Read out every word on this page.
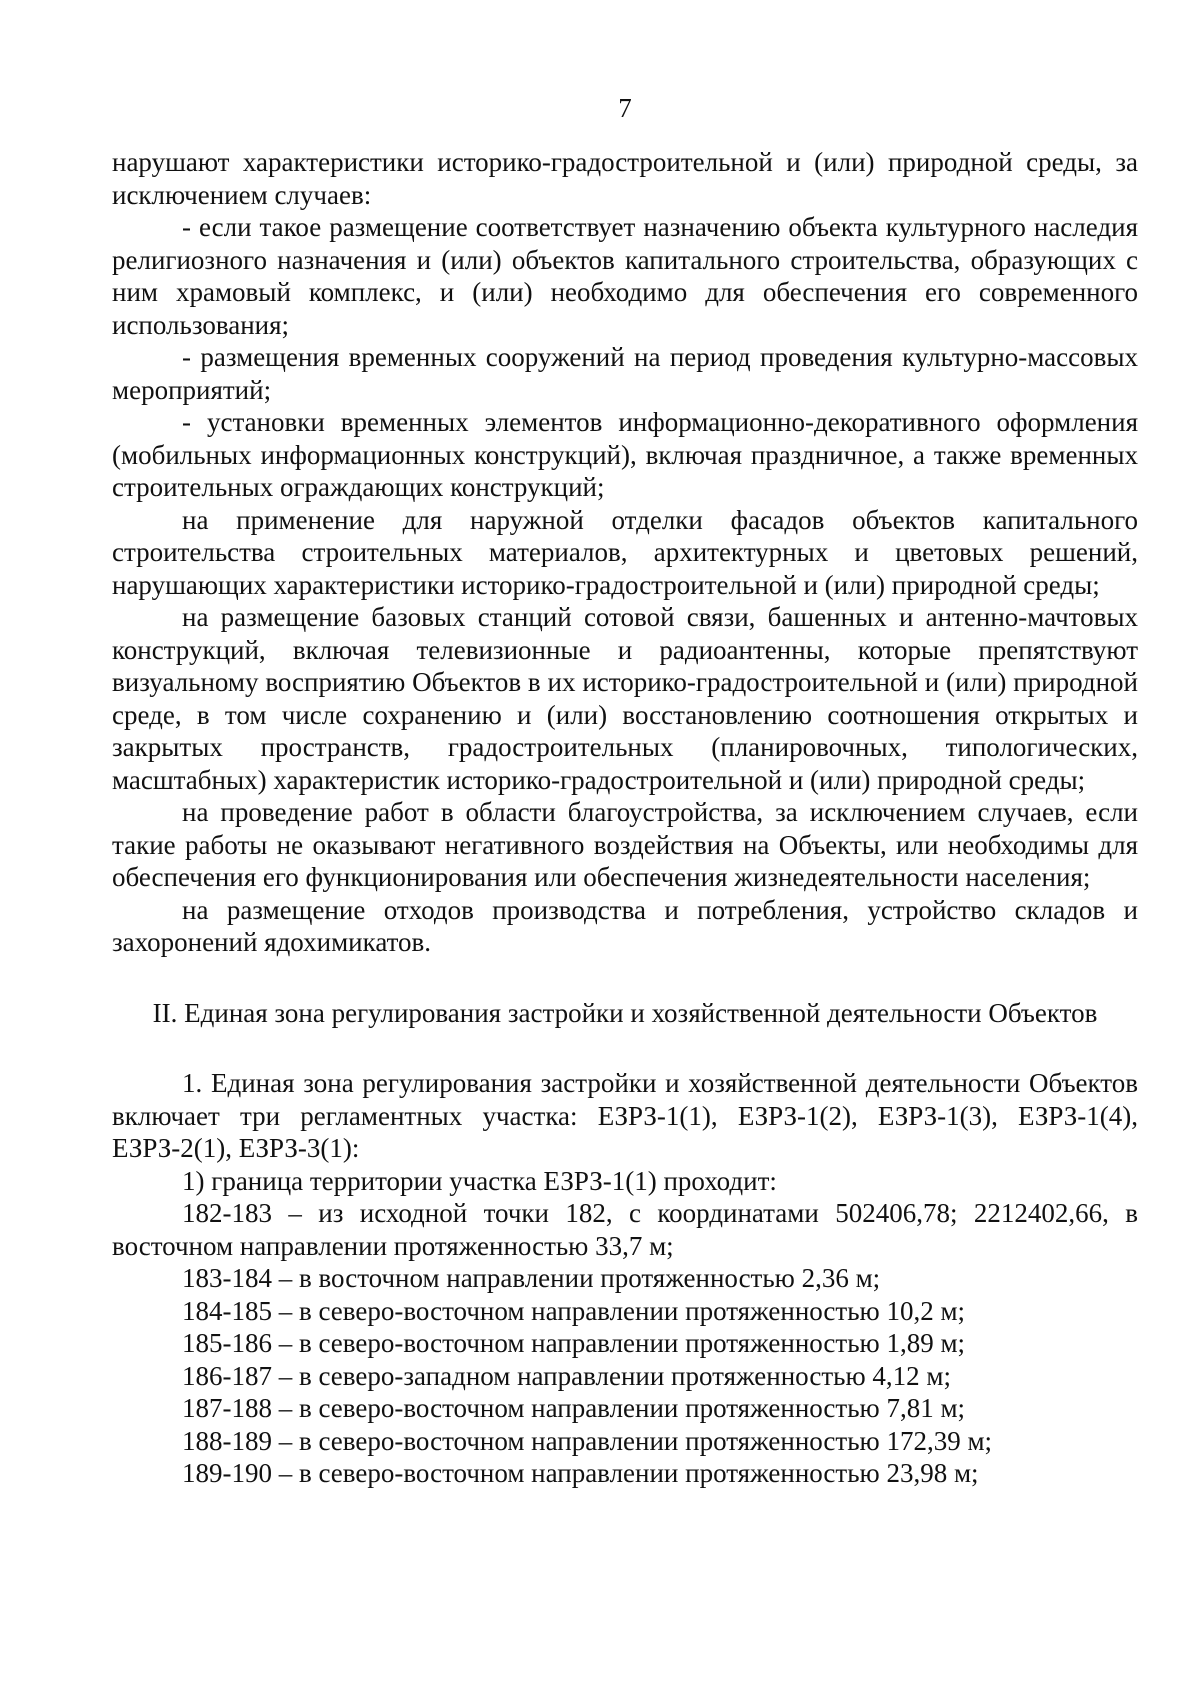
7

нарушают характеристики историко-градостроительной и (или) природной среды, за исключением случаев:

- если такое размещение соответствует назначению объекта культурного наследия религиозного назначения и (или) объектов капитального строительства, образующих с ним храмовый комплекс, и (или) необходимо для обеспечения его современного использования;

- размещения временных сооружений на период проведения культурно-массовых мероприятий;

- установки временных элементов информационно-декоративного оформления (мобильных информационных конструкций), включая праздничное, а также временных строительных ограждающих конструкций;

на применение для наружной отделки фасадов объектов капитального строительства строительных материалов, архитектурных и цветовых решений, нарушающих характеристики историко-градостроительной и (или) природной среды;

на размещение базовых станций сотовой связи, башенных и антенно-мачтовых конструкций, включая телевизионные и радиоантенны, которые препятствуют визуальному восприятию Объектов в их историко-градостроительной и (или) природной среде, в том числе сохранению и (или) восстановлению соотношения открытых и закрытых пространств, градостроительных (планировочных, типологических, масштабных) характеристик историко-градостроительной и (или) природной среды;

на проведение работ в области благоустройства, за исключением случаев, если такие работы не оказывают негативного воздействия на Объекты, или необходимы для обеспечения его функционирования или обеспечения жизнедеятельности населения;

на размещение отходов производства и потребления, устройство складов и захоронений ядохимикатов.

II. Единая зона регулирования застройки и хозяйственной деятельности Объектов

1. Единая зона регулирования застройки и хозяйственной деятельности Объектов включает три регламентных участка: ЕЗРЗ-1(1), ЕЗРЗ-1(2), ЕЗРЗ-1(3), ЕЗРЗ-1(4), ЕЗРЗ-2(1), ЕЗРЗ-3(1):

1) граница территории участка ЕЗРЗ-1(1) проходит:

182-183 – из исходной точки 182, с координатами 502406,78; 2212402,66, в восточном направлении протяженностью 33,7 м;

183-184 – в восточном направлении протяженностью 2,36 м;

184-185 – в северо-восточном направлении протяженностью 10,2 м;

185-186 – в северо-восточном направлении протяженностью 1,89 м;

186-187 – в северо-западном направлении протяженностью 4,12 м;

187-188 – в северо-восточном направлении протяженностью 7,81 м;

188-189 – в северо-восточном направлении протяженностью 172,39 м;

189-190 – в северо-восточном направлении протяженностью 23,98 м;
